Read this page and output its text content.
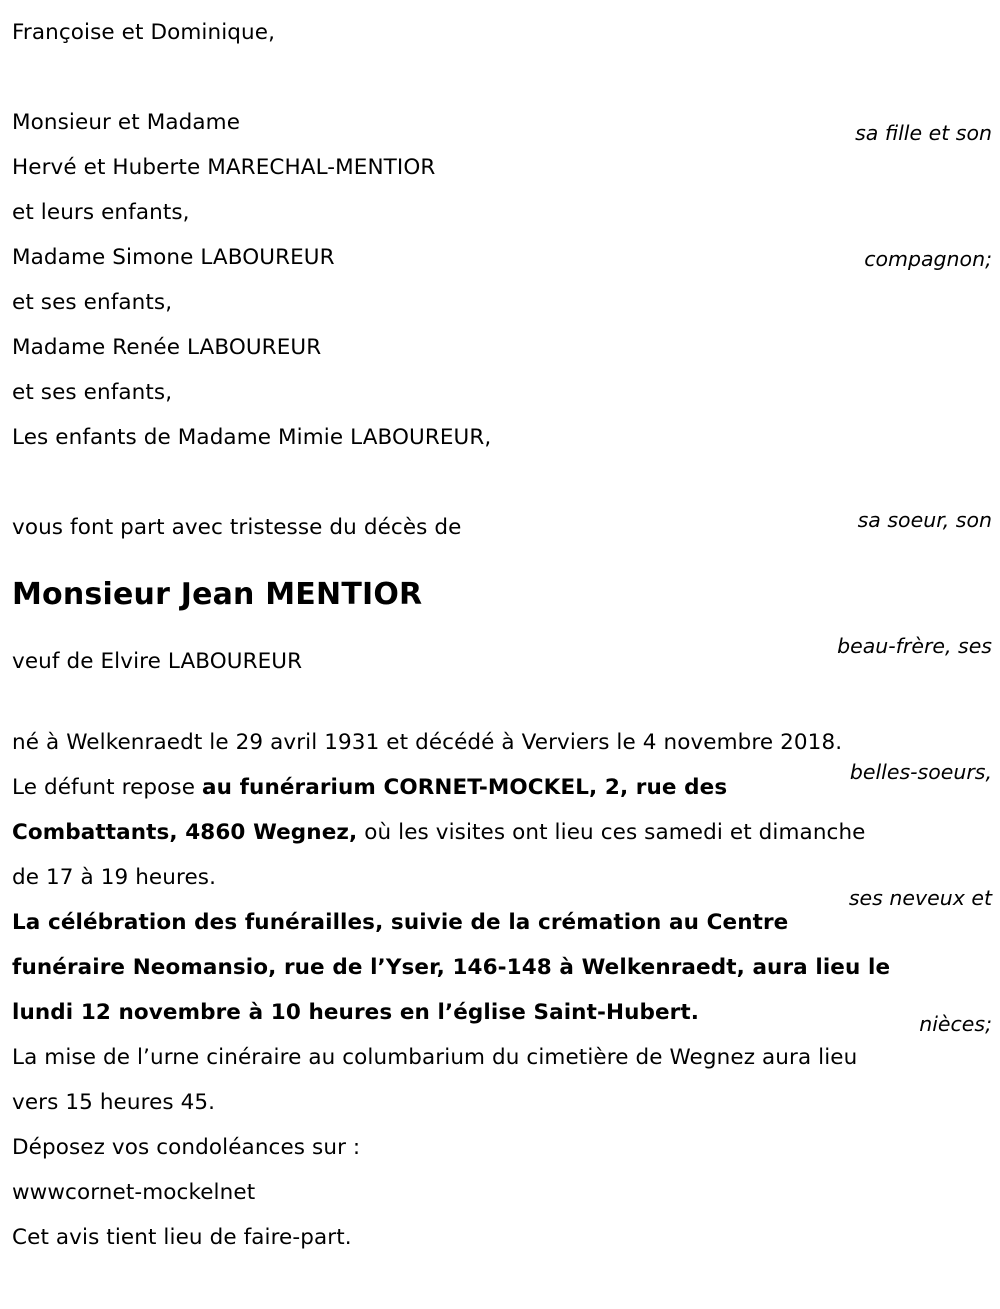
sa fille et son

compagnon;

sa soeur, son

beau-frère, ses

belles-soeurs,

ses neveux et

nièces;

Françoise et Dominique,
Monsieur et Madame
Hervé et Huberte MARECHAL-MENTIOR
et leurs enfants,
Madame Simone LABOUREUR
et ses enfants,
Madame Renée LABOUREUR
et ses enfants,
Les enfants de Madame Mimie LABOUREUR,
vous font part avec tristesse du décès de
Monsieur Jean MENTIOR
veuf de Elvire LABOUREUR

né à Welkenraedt le 29 avril 1931 et décédé à Verviers le 4 novembre 2018.

Le défunt repose au funérarium CORNET-MOCKEL, 2, rue des Combattants, 4860 Wegnez, où les visites ont lieu ces samedi et dimanche de 17 à 19 heures.

La célébration des funérailles, suivie de la crémation au Centre funéraire Neomansio, rue de l’Yser, 146-148 à Welkenraedt, aura lieu le lundi 12 novembre à 10 heures en l’église Saint-Hubert.

La mise de l’urne cinéraire au columbarium du cimetière de Wegnez aura lieu vers 15 heures 45.

Déposez vos condoléances sur :

wwwcornet-mockelnet

Cet avis tient lieu de faire-part.
